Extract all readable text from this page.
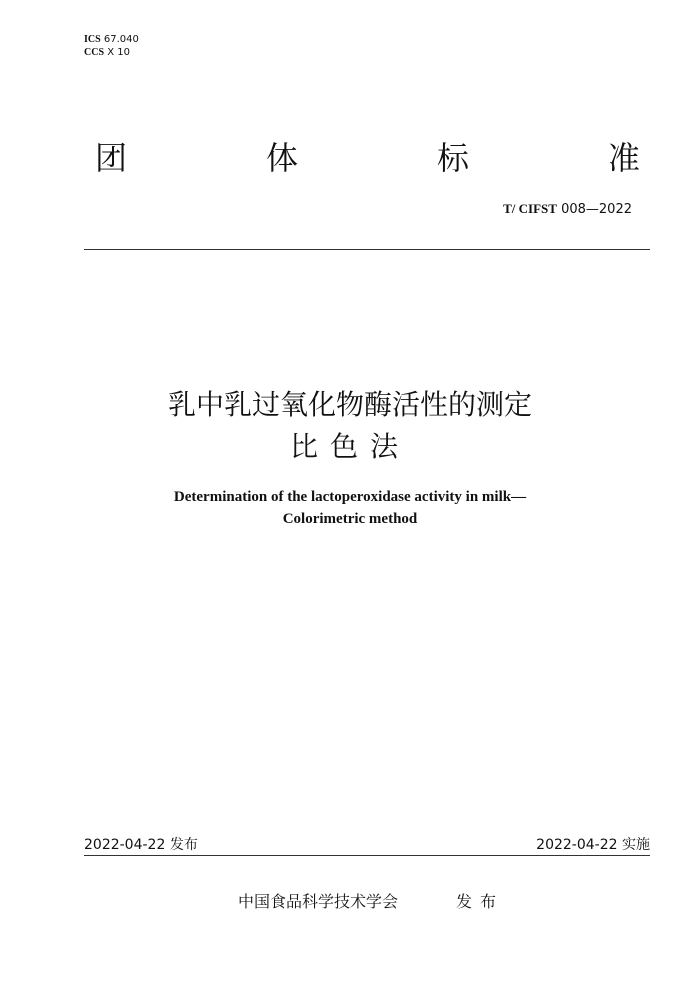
ICS 67.040
CCS X 10
团	体	标	准
T/ CIFST 008—2022
乳中乳过氧化物酶活性的测定
比色法
Determination of the lactoperoxidase activity in milk—
Colorimetric method
2022-04-22 发布	2022-04-22 实施
中国食品科学技术学会	发布
